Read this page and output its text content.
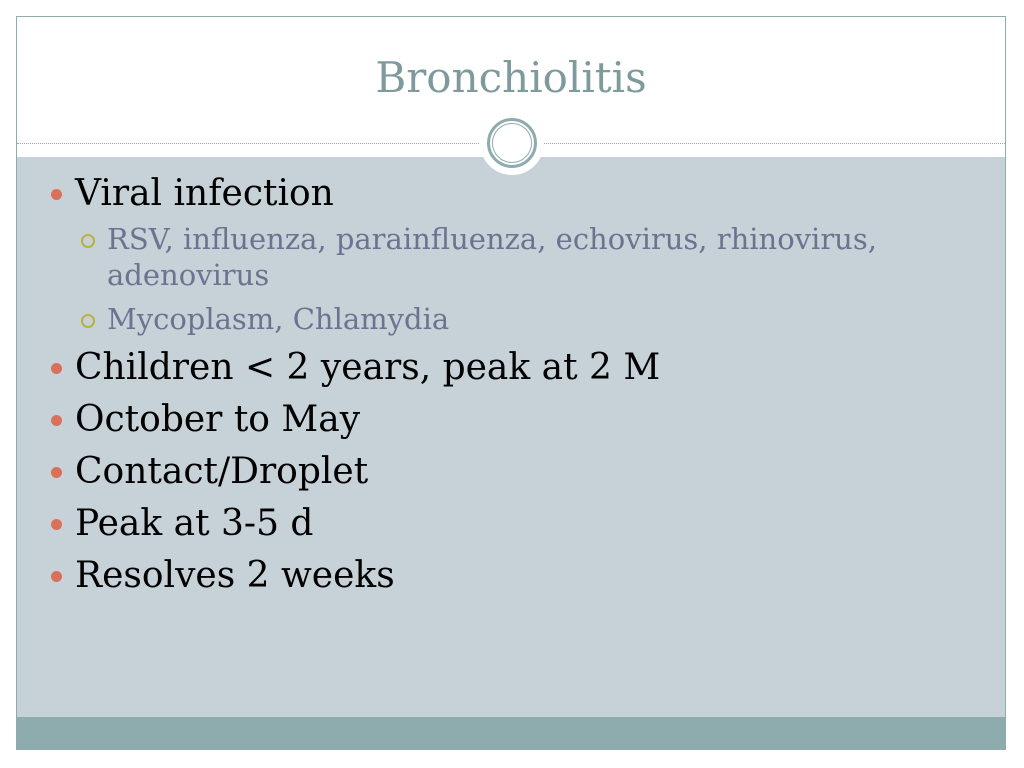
Bronchiolitis
Viral infection
RSV, influenza, parainfluenza, echovirus, rhinovirus, adenovirus
Mycoplasm, Chlamydia
Children < 2 years, peak at 2 M
October to May
Contact/Droplet
Peak at 3-5 d
Resolves 2 weeks
